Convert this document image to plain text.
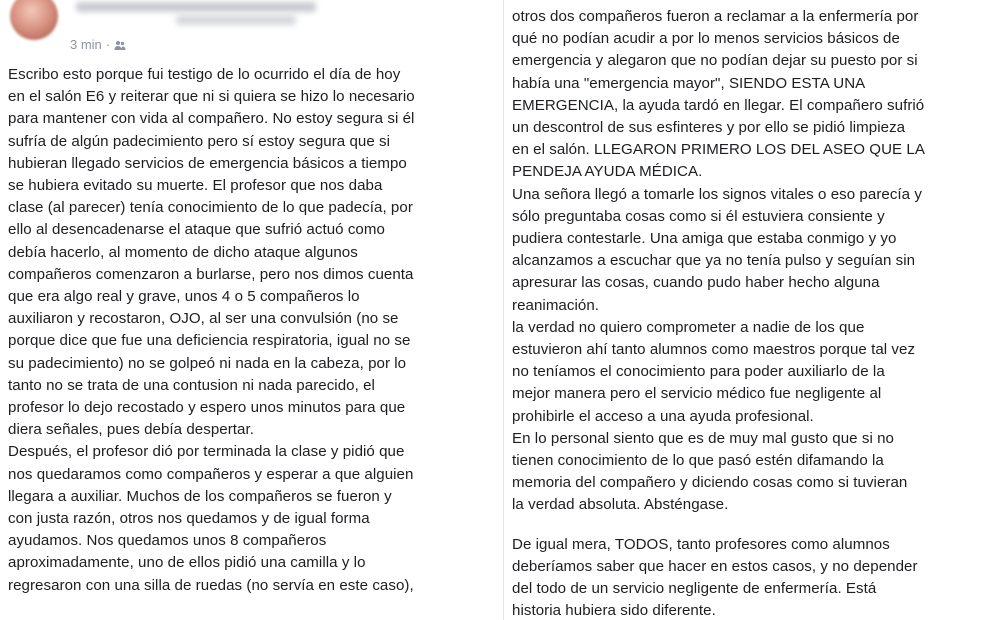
3 min ·

Escribo esto porque fui testigo de lo ocurrido el día de hoy
en el salón E6 y reiterar que ni si quiera se hizo lo necesario
para mantener con vida al compañero. No estoy segura si él
sufría de algún padecimiento pero sí estoy segura que si
hubieran llegado servicios de emergencia básicos a tiempo
se hubiera evitado su muerte. El profesor que nos daba
clase (al parecer) tenía conocimiento de lo que padecía, por
ello al desencadenarse el ataque que sufrió actuó como
debía hacerlo, al momento de dicho ataque algunos
compañeros comenzaron a burlarse, pero nos dimos cuenta
que era algo real y grave, unos 4 o 5 compañeros lo
auxiliaron y recostaron, OJO, al ser una convulsión (no se
porque dice que fue una deficiencia respiratoria, igual no se
su padecimiento) no se golpeó ni nada en la cabeza, por lo
tanto no se trata de una contusion ni nada parecido, el
profesor lo dejo recostado y espero unos minutos para que
diera señales, pues debía despertar.

Después, el profesor dió por terminada la clase y pidió que
nos quedaramos como compañeros y esperar a que alguien
llegara a auxiliar. Muchos de los compañeros se fueron y
con justa razón, otros nos quedamos y de igual forma
ayudamos. Nos quedamos unos 8 compañeros
aproximadamente, uno de ellos pidió una camilla y lo
regresaron con una silla de ruedas (no servía en este caso),

otros dos compañeros fueron a reclamar a la enfermería por
qué no podían acudir a por lo menos servicios básicos de
emergencia y alegaron que no podían dejar su puesto por si
había una "emergencia mayor", SIENDO ESTA UNA
EMERGENCIA, la ayuda tardó en llegar. El compañero sufrió
un descontrol de sus esfinteres y por ello se pidió limpieza
en el salón. LLEGARON PRIMERO LOS DEL ASEO QUE LA
PENDEJA AYUDA MÉDICA.

Una señora llegó a tomarle los signos vitales o eso parecía y
sólo preguntaba cosas como si él estuviera consiente y
pudiera contestarle. Una amiga que estaba conmigo y yo
alcanzamos a escuchar que ya no tenía pulso y seguían sin
apresurar las cosas, cuando pudo haber hecho alguna
reanimación.

la verdad no quiero comprometer a nadie de los que
estuvieron ahí tanto alumnos como maestros porque tal vez
no teníamos el conocimiento para poder auxiliarlo de la
mejor manera pero el servicio médico fue negligente al
prohibirle el acceso a una ayuda profesional.

En lo personal siento que es de muy mal gusto que si no
tienen conocimiento de lo que pasó estén difamando la
memoria del compañero y diciendo cosas como si tuvieran
la verdad absoluta. Absténgase.

De igual mera, TODOS, tanto profesores como alumnos
deberíamos saber que hacer en estos casos, y no depender
del todo de un servicio negligente de enfermería. Está
historia hubiera sido diferente.
